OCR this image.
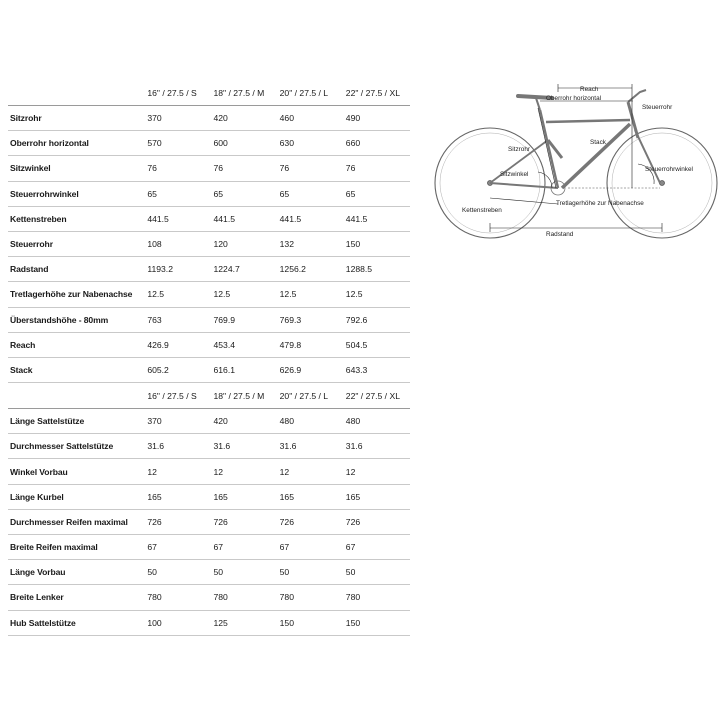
	16" / 27.5 / S	18" / 27.5 / M	20" / 27.5 / L	22" / 27.5 / XL
Sitzrohr	370	420	460	490
Oberrohr horizontal	570	600	630	660
Sitzwinkel	76	76	76	76
Steuerrohrwinkel	65	65	65	65
Kettenstreben	441.5	441.5	441.5	441.5
Steuerrohr	108	120	132	150
Radstand	1193.2	1224.7	1256.2	1288.5
Tretlagerhöhe zur Nabenachse	12.5	12.5	12.5	12.5
Überstandshöhe - 80mm	763	769.9	769.3	792.6
Reach	426.9	453.4	479.8	504.5
Stack	605.2	616.1	626.9	643.3
	16" / 27.5 / S	18" / 27.5 / M	20" / 27.5 / L	22" / 27.5 / XL
Länge Sattelstütze	370	420	480	480
Durchmesser Sattelstütze	31.6	31.6	31.6	31.6
Winkel Vorbau	12	12	12	12
Länge Kurbel	165	165	165	165
Durchmesser Reifen maximal	726	726	726	726
Breite Reifen maximal	67	67	67	67
Länge Vorbau	50	50	50	50
Breite Lenker	780	780	780	780
Hub Sattelstütze	100	125	150	150
Reach
Oberrohr horizontal
Steuerrohr
Sitzrohr
Stack
Steuerrohrwinkel
Sitzwinkel
Kettenstreben
Tretlagerhöhe zur Nabenachse
Radstand
